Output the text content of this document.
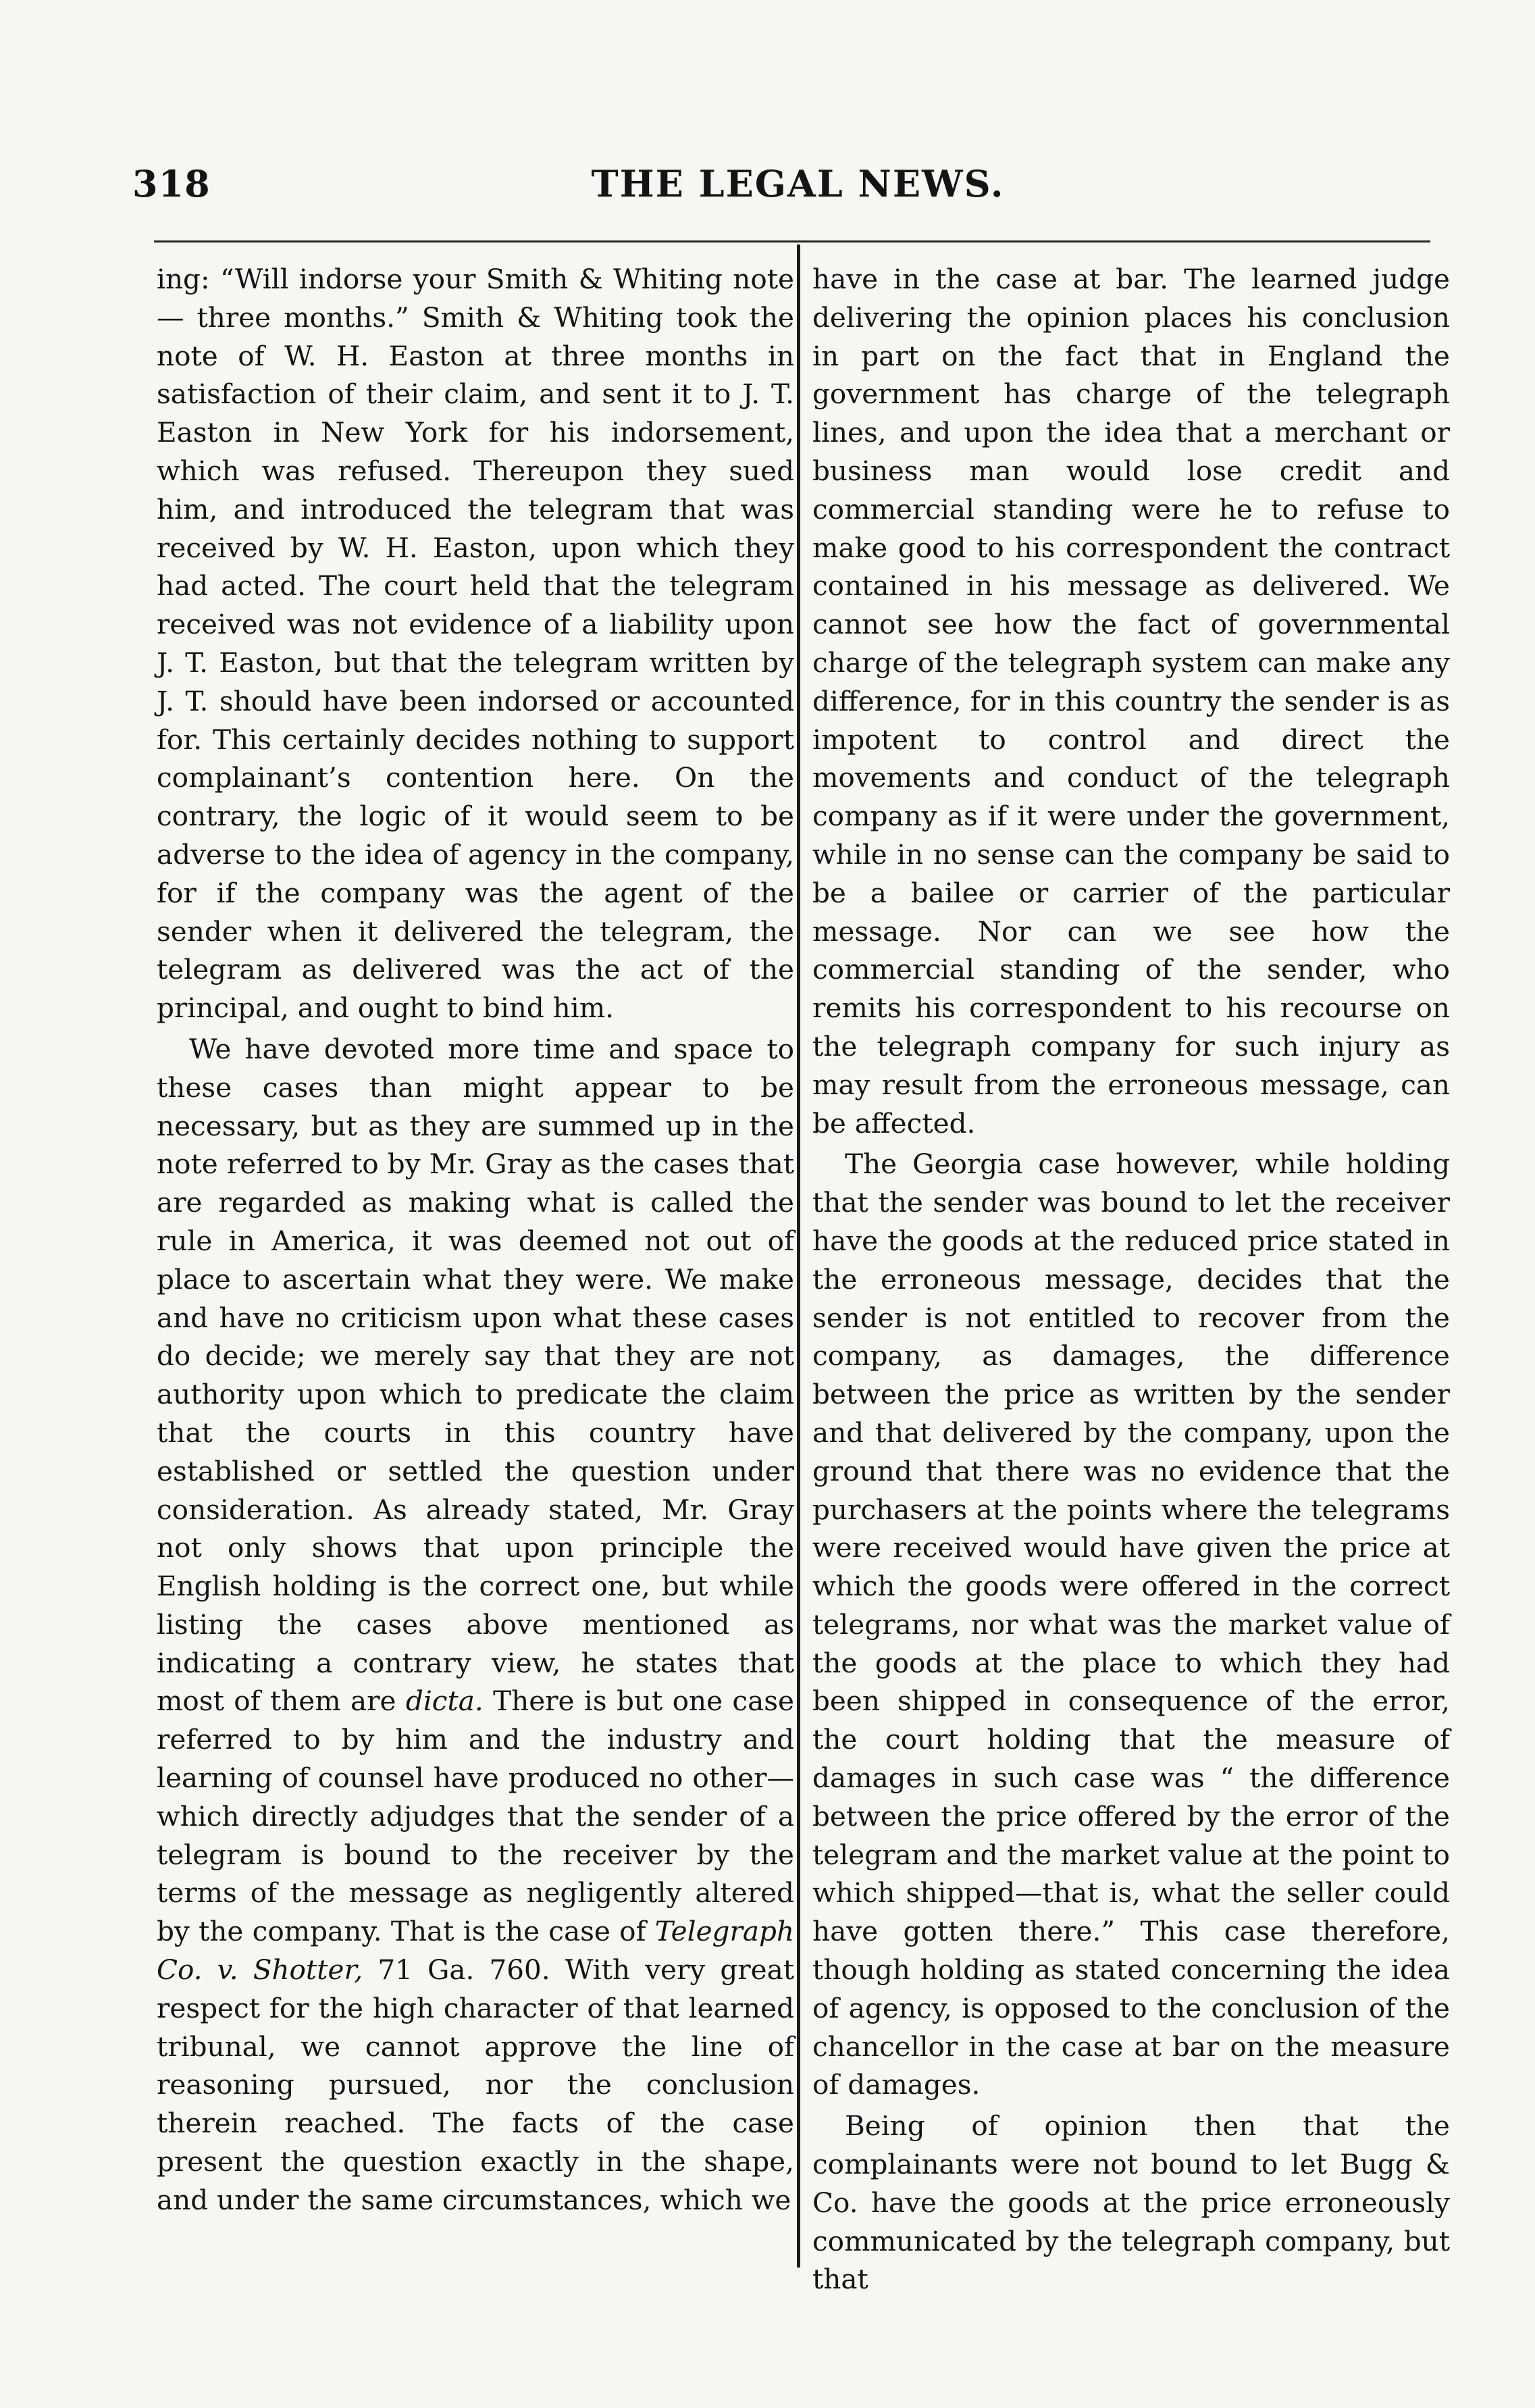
318	THE LEGAL NEWS.

ing: “Will indorse your Smith & Whiting note — three months.” Smith & Whiting took the note of W. H. Easton at three months in satisfaction of their claim, and sent it to J. T. Easton in New York for his indorsement, which was refused. Thereupon they sued him, and introduced the telegram that was received by W. H. Easton, upon which they had acted. The court held that the telegram received was not evidence of a liability upon J. T. Easton, but that the telegram written by J. T. should have been indorsed or accounted for. This certainly decides nothing to support complainant’s contention here. On the contrary, the logic of it would seem to be adverse to the idea of agency in the company, for if the company was the agent of the sender when it delivered the telegram, the telegram as delivered was the act of the principal, and ought to bind him.

We have devoted more time and space to these cases than might appear to be necessary, but as they are summed up in the note referred to by Mr. Gray as the cases that are regarded as making what is called the rule in America, it was deemed not out of place to ascertain what they were. We make and have no criticism upon what these cases do decide; we merely say that they are not authority upon which to predicate the claim that the courts in this country have established or settled the question under consideration. As already stated, Mr. Gray not only shows that upon principle the English holding is the correct one, but while listing the cases above mentioned as indicating a contrary view, he states that most of them are dicta. There is but one case referred to by him and the industry and learning of counsel have produced no other— which directly adjudges that the sender of a telegram is bound to the receiver by the terms of the message as negligently altered by the company. That is the case of Telegraph Co. v. Shotter, 71 Ga. 760. With very great respect for the high character of that learned tribunal, we cannot approve the line of reasoning pursued, nor the conclusion therein reached. The facts of the case present the question exactly in the shape, and under the same circumstances, which we

have in the case at bar. The learned judge delivering the opinion places his conclusion in part on the fact that in England the government has charge of the telegraph lines, and upon the idea that a merchant or business man would lose credit and commercial standing were he to refuse to make good to his correspondent the contract contained in his message as delivered. We cannot see how the fact of governmental charge of the telegraph system can make any difference, for in this country the sender is as impotent to control and direct the movements and conduct of the telegraph company as if it were under the government, while in no sense can the company be said to be a bailee or carrier of the particular message. Nor can we see how the commercial standing of the sender, who remits his correspondent to his recourse on the telegraph company for such injury as may result from the erroneous message, can be affected.

The Georgia case however, while holding that the sender was bound to let the receiver have the goods at the reduced price stated in the erroneous message, decides that the sender is not entitled to recover from the company, as damages, the difference between the price as written by the sender and that delivered by the company, upon the ground that there was no evidence that the purchasers at the points where the telegrams were received would have given the price at which the goods were offered in the correct telegrams, nor what was the market value of the goods at the place to which they had been shipped in consequence of the error, the court holding that the measure of damages in such case was “ the difference between the price offered by the error of the telegram and the market value at the point to which shipped—that is, what the seller could have gotten there.” This case therefore, though holding as stated concerning the idea of agency, is opposed to the conclusion of the chancellor in the case at bar on the measure of damages.

Being of opinion then that the complainants were not bound to let Bugg & Co. have the goods at the price erroneously communicated by the telegraph company, but that
